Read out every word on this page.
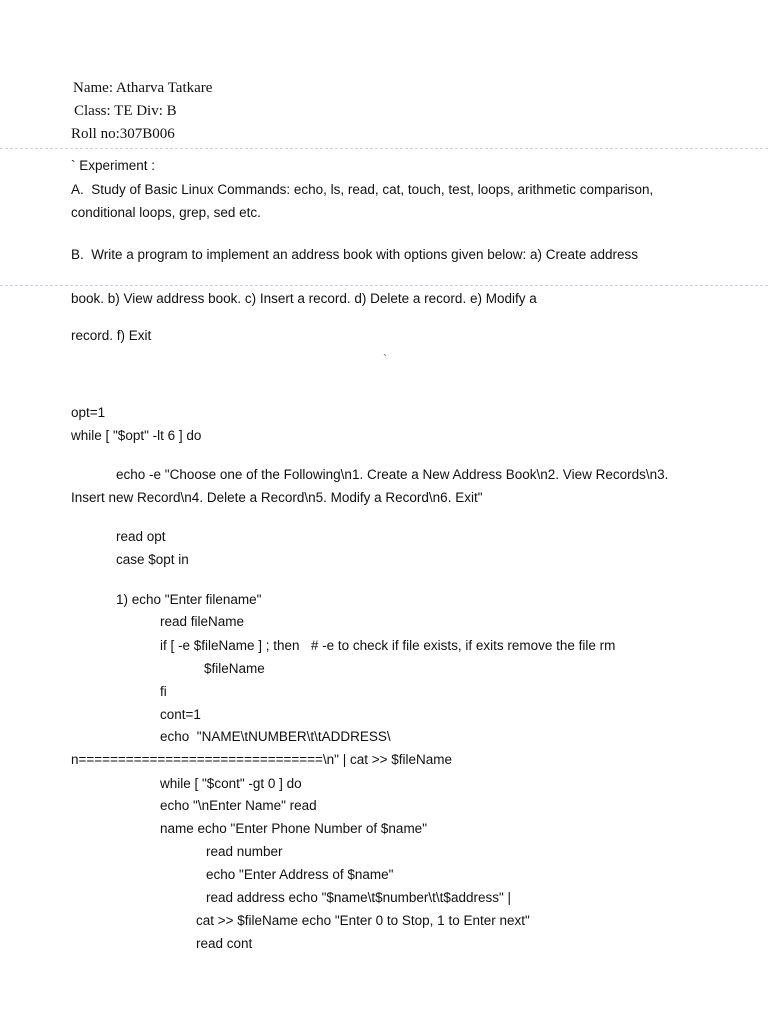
Name: Atharva Tatkare
Class: TE Div: B
Roll no:307B006
` Experiment :
A.  Study of Basic Linux Commands: echo, ls, read, cat, touch, test, loops, arithmetic comparison,
conditional loops, grep, sed etc.
B.  Write a program to implement an address book with options given below: a) Create address
book. b) View address book. c) Insert a record. d) Delete a record. e) Modify a
record. f) Exit
`
opt=1
while [ "$opt" -lt 6 ] do
echo -e "Choose one of the Following\n1. Create a New Address Book\n2. View Records\n3.
Insert new Record\n4. Delete a Record\n5. Modify a Record\n6. Exit"
read opt
case $opt in
1) echo "Enter filename"
read fileName
if [ -e $fileName ] ; then   # -e to check if file exists, if exits remove the file rm
$fileName
fi
cont=1
echo  "NAME\tNUMBER\t\tADDRESS\
n===============================\n" | cat >> $fileName
while [ "$cont" -gt 0 ] do
echo "\nEnter Name" read
name echo "Enter Phone Number of $name"
read number
echo "Enter Address of $name"
read address echo "$name\t$number\t\t$address" |
cat >> $fileName echo "Enter 0 to Stop, 1 to Enter next"
read cont
